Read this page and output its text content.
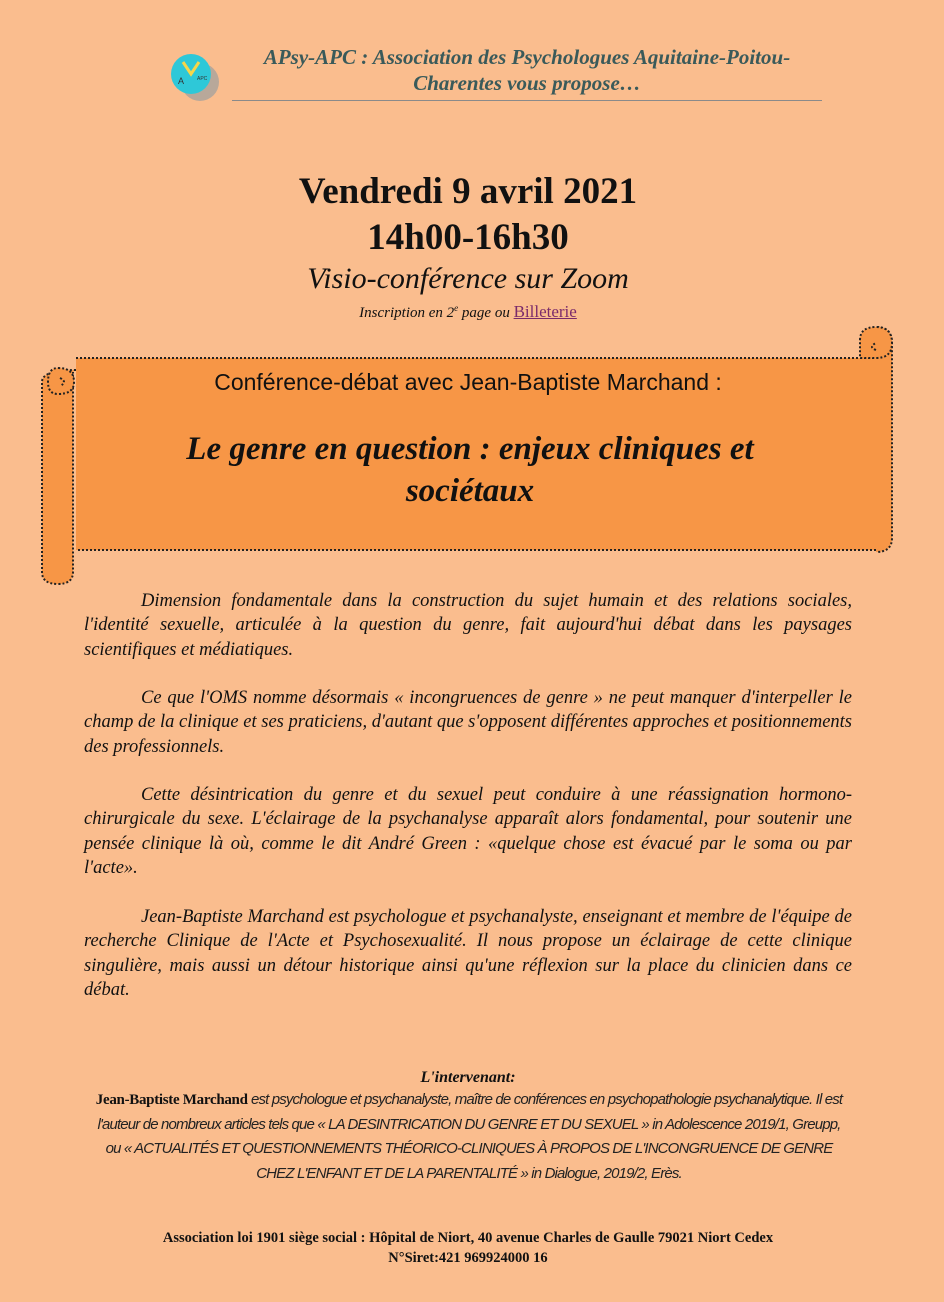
A	APC
APsy-APC : Association des Psychologues Aquitaine-Poitou-
Charentes vous propose…
Vendredi 9 avril 2021
14h00-16h30
Visio-conférence sur Zoom
Inscription en 2e page ou Billeterie
Conférence-débat avec Jean-Baptiste Marchand :
Le genre en question : enjeux cliniques et
sociétaux

Dimension fondamentale dans la construction du sujet humain et des relations sociales, l'identité sexuelle, articulée à la question du genre, fait aujourd'hui débat dans les paysages scientifiques et médiatiques.

Ce que l'OMS nomme désormais « incongruences de genre » ne peut manquer d'interpeller le champ de la clinique et ses praticiens, d'autant que s'opposent différentes approches et positionnements des professionnels.

Cette désintrication du genre et du sexuel peut conduire à une réassignation hormono-chirurgicale du sexe. L'éclairage de la psychanalyse apparaît alors fondamental, pour soutenir une pensée clinique là où, comme le dit André Green : «quelque chose est évacué par le soma ou par l'acte».

Jean-Baptiste Marchand est psychologue et psychanalyste, enseignant et membre de l'équipe de recherche Clinique de l'Acte et Psychosexualité. Il nous propose un éclairage de cette clinique singulière, mais aussi un détour historique ainsi qu'une réflexion sur la place du clinicien dans ce débat.

L'intervenant:
Jean-Baptiste Marchand est psychologue et psychanalyste, maître de conférences en psychopathologie psychanalytique. Il est l'auteur de nombreux articles tels que « LA DESINTRICATION DU GENRE ET DU SEXUEL » in Adolescence 2019/1, Greupp, ou « ACTUALITÉS ET QUESTIONNEMENTS THÉORICO-CLINIQUES À PROPOS DE L'INCONGRUENCE DE GENRE CHEZ L'ENFANT ET DE LA PARENTALITÉ » in Dialogue, 2019/2, Erès.
Association loi 1901 siège social : Hôpital de Niort, 40 avenue Charles de Gaulle 79021 Niort Cedex
N°Siret:421 969924000 16
